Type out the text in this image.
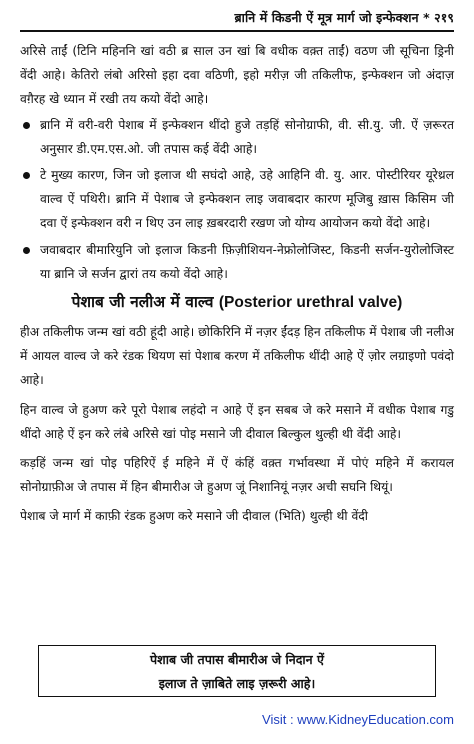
ब्रानि में किडनी ऐं मूत्र मार्ग जो इन्फेक्शन * २१९

अरिसे ताईं (टिनि महिननि खां वठी ब्र साल उन खां बि वधीक वक़्त ताईं) वठण जी सूचिना ड्रिनी वेंदी आहे। केतिरो लंबो अरिसो इहा दवा वठिणी, इहो मरीज़ जी तकिलीफ, इन्फेक्शन जो अंदाज़ वग़ैरह खे ध्यान में रखी तय कयो वेंदो आहे।

ब्रानि में वरी-वरी पेशाब में इन्फेक्शन थींदो हुजे तड़हिं सोनोग्राफी, वी. सी.यु. जी. ऐं ज़रूरत अनुसार डी.एम.एस.ओ. जी तपास कई वेंदी आहे।
टे मुख्य कारण, जिन जो इलाज थी सघंदो आहे, उहे आहिनि वी. यु. आर. पोस्टीरियर यूरेथ्रल वाल्व ऐं पथिरी। ब्रानि में पेशाब जे इन्फेक्शन लाइ जवाबदार कारण मूजिबु ख़ास किसिम जी दवा ऐं इन्फेक्शन वरी न थिए उन लाइ ख़बरदारी रखण जो योग्य आयोजन कयो वेंदो आहे।
जवाबदार बीमारियुनि जो इलाज किडनी फ़िज़ीशियन-नेफ्रोलोजिस्ट, किडनी सर्जन-युरोलोजिस्ट या ब्रानि जे सर्जन द्वारां तय कयो वेंदो आहे।
पेशाब जी नलीअ में वाल्व (Posterior urethral valve)

हीअ तकिलीफ जन्म खां वठी हूंदी आहे। छोकिरिनि में नज़र ईंदड़ हिन तकिलीफ में पेशाब जी नलीअ में आयल वाल्व जे करे रंडक थियण सां पेशाब करण में तकिलीफ थींदी आहे ऐं ज़ोर लग्राइणो पवंदो आहे।

हिन वाल्व जे हुअण करे पूरो पेशाब लहंदो न आहे ऐं इन सबब जे करे मसाने में वधीक पेशाब गडु थींदो आहे ऐं इन करे लंबे अरिसे खां पोइ मसाने जी दीवाल बिल्कुल थुल्ही थी वेंदी आहे।

कड़हिं जन्म खां पोइ पहिरिऐं ई महिने में ऐं कंहिं वक़्त गर्भावस्था में पोएं महिने में करायल सोनोग्राफ़ीअ जे तपास में हिन बीमारीअ जे हुअण जूं निशानियूं नज़र अची सघनि थियूं।

पेशाब जे मार्ग में काफ़ी रंडक हुअण करे मसाने जी दीवाल (भिति) थुल्ही थी वेंदी

पेशाब जी तपास बीमारीअ जे निदान ऐं
इलाज ते ज़ाबिते लाइ ज़रूरी आहे।
Visit : www.KidneyEducation.com
